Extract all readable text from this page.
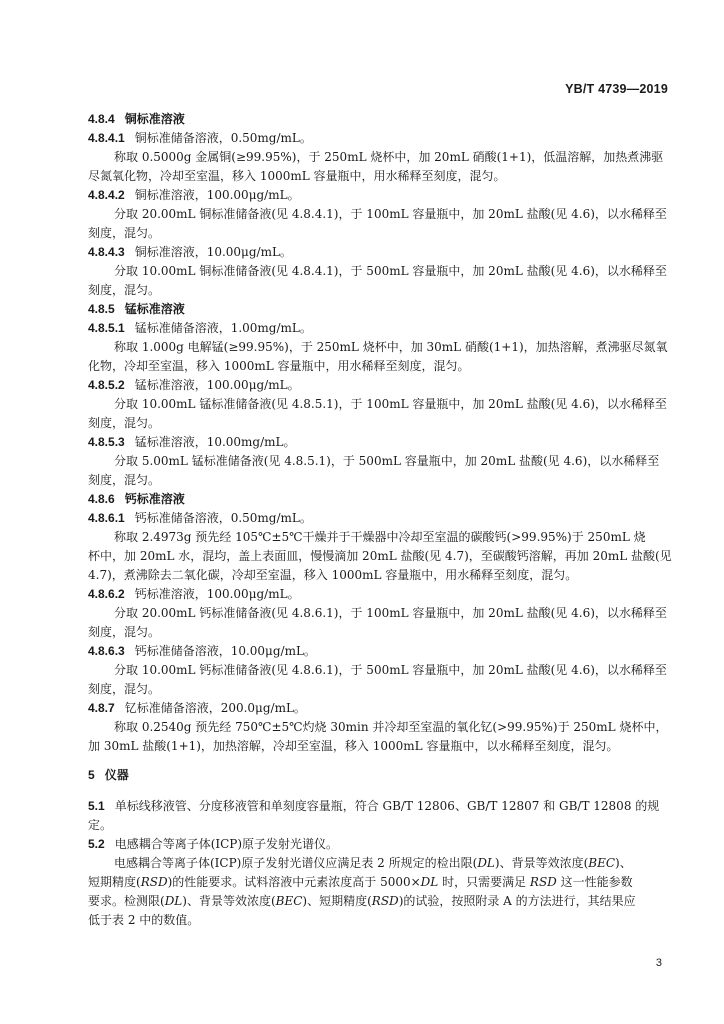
YB/T 4739—2019
4.8.4 铜标准溶液
4.8.4.1 铜标准储备溶液，0.50mg/mL。
称取 0.5000g 金属铜(≥99.95%)，于 250mL 烧杯中，加 20mL 硝酸(1+1)，低温溶解，加热煮沸驱
尽氮氧化物，冷却至室温，移入 1000mL 容量瓶中，用水稀释至刻度，混匀。
4.8.4.2 铜标准溶液，100.00μg/mL。
分取 20.00mL 铜标准储备液(见 4.8.4.1)，于 100mL 容量瓶中，加 20mL 盐酸(见 4.6)，以水稀释至
刻度，混匀。
4.8.4.3 铜标准溶液，10.00μg/mL。
分取 10.00mL 铜标准储备液(见 4.8.4.1)，于 500mL 容量瓶中，加 20mL 盐酸(见 4.6)，以水稀释至
刻度，混匀。
4.8.5 锰标准溶液
4.8.5.1 锰标准储备溶液，1.00mg/mL。
称取 1.000g 电解锰(≥99.95%)，于 250mL 烧杯中，加 30mL 硝酸(1+1)，加热溶解，煮沸驱尽氮氧
化物，冷却至室温，移入 1000mL 容量瓶中，用水稀释至刻度，混匀。
4.8.5.2 锰标准溶液，100.00μg/mL。
分取 10.00mL 锰标准储备液(见 4.8.5.1)，于 100mL 容量瓶中，加 20mL 盐酸(见 4.6)，以水稀释至
刻度，混匀。
4.8.5.3 锰标准溶液，10.00mg/mL。
分取 5.00mL 锰标准储备液(见 4.8.5.1)，于 500mL 容量瓶中，加 20mL 盐酸(见 4.6)，以水稀释至
刻度，混匀。
4.8.6 钙标准溶液
4.8.6.1 钙标准储备溶液，0.50mg/mL。
称取 2.4973g 预先经 105℃±5℃干燥并于干燥器中冷却至室温的碳酸钙(>99.95%)于 250mL 烧
杯中，加 20mL 水，混均，盖上表面皿，慢慢滴加 20mL 盐酸(见 4.7)，至碳酸钙溶解，再加 20mL 盐酸(见
4.7)，煮沸除去二氧化碳，冷却至室温，移入 1000mL 容量瓶中，用水稀释至刻度，混匀。
4.8.6.2 钙标准溶液，100.00μg/mL。
分取 20.00mL 钙标准储备液(见 4.8.6.1)，于 100mL 容量瓶中，加 20mL 盐酸(见 4.6)，以水稀释至
刻度，混匀。
4.8.6.3 钙标准储备溶液，10.00μg/mL。
分取 10.00mL 钙标准储备液(见 4.8.6.1)，于 500mL 容量瓶中，加 20mL 盐酸(见 4.6)，以水稀释至
刻度，混匀。
4.8.7 钇标准储备溶液，200.0μg/mL。
称取 0.2540g 预先经 750℃±5℃灼烧 30min 并冷却至室温的氧化钇(>99.95%)于 250mL 烧杯中，
加 30mL 盐酸(1+1)，加热溶解，冷却至室温，移入 1000mL 容量瓶中，以水稀释至刻度，混匀。
5 仪器
5.1 单标线移液管、分度移液管和单刻度容量瓶，符合 GB/T 12806、GB/T 12807 和 GB/T 12808 的规
定。
5.2 电感耦合等离子体(ICP)原子发射光谱仪。
电感耦合等离子体(ICP)原子发射光谱仪应满足表 2 所规定的检出限(DL)、背景等效浓度(BEC)、
短期精度(RSD)的性能要求。试料溶液中元素浓度高于 5000×DL 时，只需要满足 RSD 这一性能参数
要求。检测限(DL)、背景等效浓度(BEC)、短期精度(RSD)的试验，按照附录 A 的方法进行，其结果应
低于表 2 中的数值。
3
